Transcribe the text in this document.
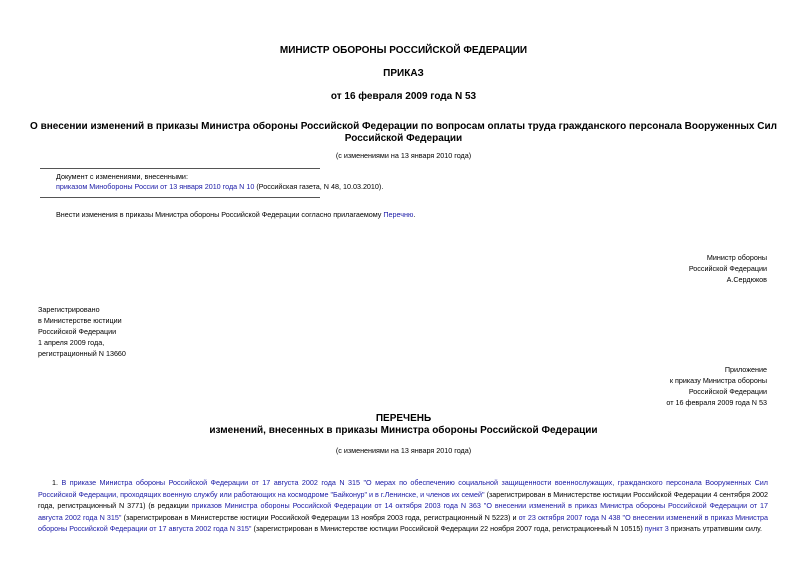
МИНИСТР ОБОРОНЫ РОССИЙСКОЙ ФЕДЕРАЦИИ
ПРИКАЗ
от 16 февраля 2009 года N 53
О внесении изменений в приказы Министра обороны Российской Федерации по вопросам оплаты труда гражданского персонала Вооруженных Сил Российской Федерации
(с изменениями на 13 января 2010 года)
Документ с изменениями, внесенными:
приказом Минобороны России от 13 января 2010 года N 10 (Российская газета, N 48, 10.03.2010).
Внести изменения в приказы Министра обороны Российской Федерации согласно прилагаемому Перечню.
Министр обороны
Российской Федерации
А.Сердюков
Зарегистрировано
в Министерстве юстиции
Российской Федерации
1 апреля 2009 года,
регистрационный N 13660
Приложение
к приказу Министра обороны
Российской Федерации
от 16 февраля 2009 года N 53
ПЕРЕЧЕНЬ
изменений, внесенных в приказы Министра обороны Российской Федерации
(с изменениями на 13 января 2010 года)
1. В приказе Министра обороны Российской Федерации от 17 августа 2002 года N 315 "О мерах по обеспечению социальной защищенности военнослужащих, гражданского персонала Вооруженных Сил Российской Федерации, проходящих военную службу или работающих на космодроме "Байконур" и в г.Ленинске, и членов их семей" (зарегистрирован в Министерстве юстиции Российской Федерации 4 сентября 2002 года, регистрационный N 3771) (в редакции приказов Министра обороны Российской Федерации от 14 октября 2003 года N 363 "О внесении изменений в приказ Министра обороны Российской Федерации от 17 августа 2002 года N 315" (зарегистрирован в Министерстве юстиции Российской Федерации 13 ноября 2003 года, регистрационный N 5223) и от 23 октября 2007 года N 438 "О внесении изменений в приказ Министра обороны Российской Федерации от 17 августа 2002 года N 315" (зарегистрирован в Министерстве юстиции Российской Федерации 22 ноября 2007 года, регистрационный N 10515) пункт 3 признать утратившим силу.
